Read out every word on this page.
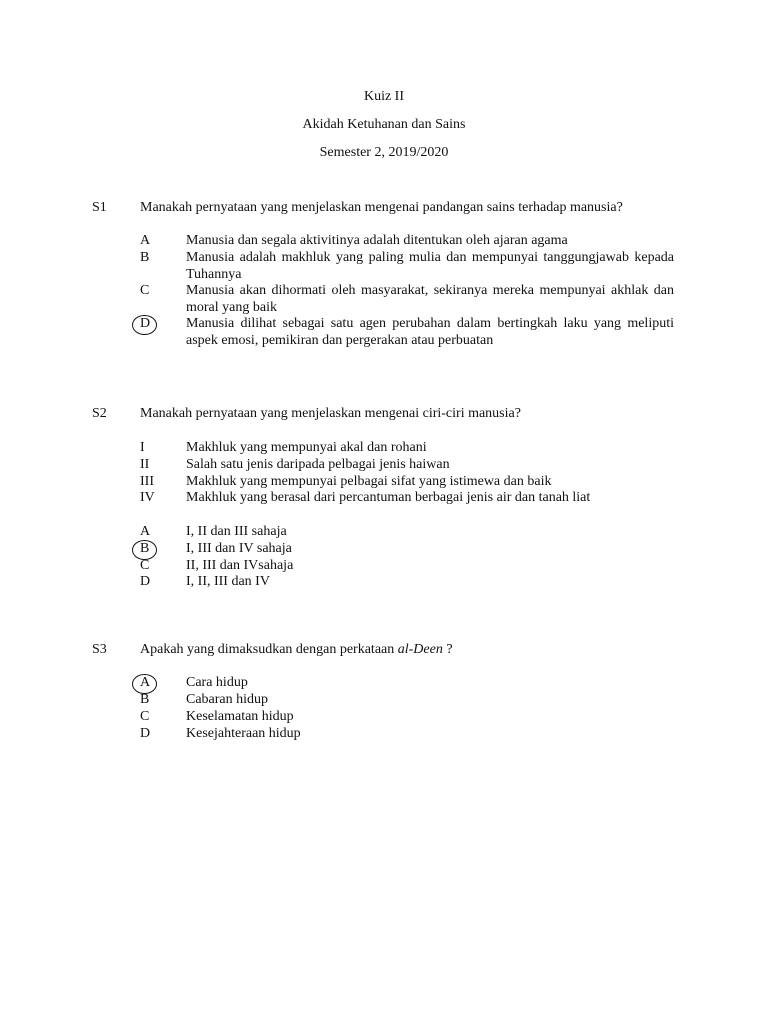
Kuiz II
Akidah Ketuhanan dan Sains
Semester 2, 2019/2020
S1 Manakah pernyataan yang menjelaskan mengenai pandangan sains terhadap manusia?
A	Manusia dan segala aktivitinya adalah ditentukan oleh ajaran agama
B	Manusia adalah makhluk yang paling mulia dan mempunyai tanggungjawab kepada Tuhannya
C	Manusia akan dihormati oleh masyarakat, sekiranya mereka mempunyai akhlak dan moral yang baik
D	Manusia dilihat sebagai satu agen perubahan dalam bertingkah laku yang meliputi aspek emosi, pemikiran dan pergerakan atau perbuatan
S2 Manakah pernyataan yang menjelaskan mengenai ciri-ciri manusia?
I	Makhluk yang mempunyai akal dan rohani
II	Salah satu jenis daripada pelbagai jenis haiwan
III	Makhluk yang mempunyai pelbagai sifat yang istimewa dan baik
IV	Makhluk yang berasal dari percantuman berbagai jenis air dan tanah liat
A	I, II dan III sahaja
B	I, III dan IV sahaja
C	II, III dan IVsahaja
D	I, II, III dan IV
S3 Apakah yang dimaksudkan dengan perkataan al-Deen ?
A	Cara hidup
B	Cabaran hidup
C	Keselamatan hidup
D	Kesejahteraan hidup
